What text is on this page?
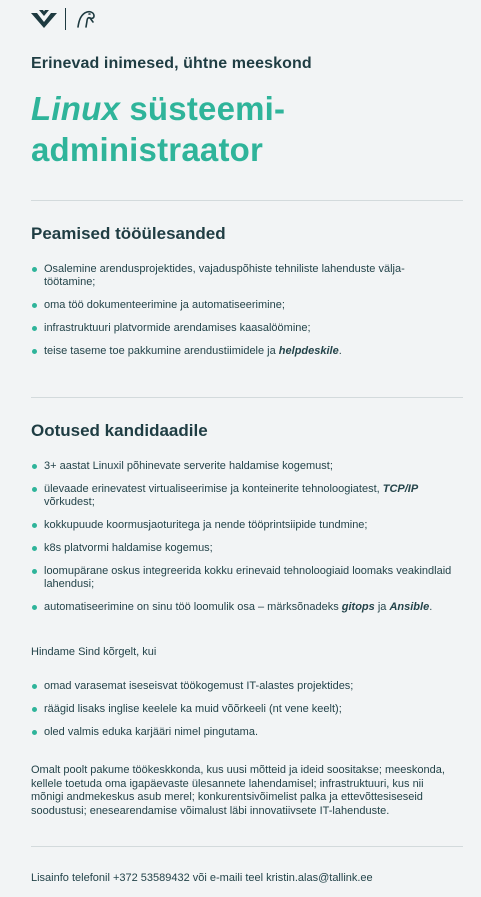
Erinevad inimesed, ühtne meeskond
Linux süsteemi-
administraator
Peamised tööülesanded
Osalemine arendusprojektides, vajaduspõhiste tehniliste lahenduste välja-
töötamine;
oma töö dokumenteerimine ja automatiseerimine;
infrastruktuuri platvormide arendamises kaasalöömine;
teise taseme toe pakkumine arendustiimidele ja helpdeskile.
Ootused kandidaadile
3+ aastat Linuxil põhinevate serverite haldamise kogemust;
ülevaade erinevatest virtualiseerimise ja konteinerite tehnoloogiatest, TCP/IP
võrkudest;
kokkupuude koormusjaoturitega ja nende tööprintsiipide tundmine;
k8s platvormi haldamise kogemus;
loomupärane oskus integreerida kokku erinevaid tehnoloogiaid loomaks veakindlaid
lahendusi;
automatiseerimine on sinu töö loomulik osa – märksõnadeks gitops ja Ansible.

Hindame Sind kõrgelt, kui

omad varasemat iseseisvat töökogemust IT-alastes projektides;
räägid lisaks inglise keelele ka muid võõrkeeli (nt vene keelt);
oled valmis eduka karjääri nimel pingutama.

Omalt poolt pakume töökeskkonda, kus uusi mõtteid ja ideid soositakse; meeskonda,
kellele toetuda oma igapäevaste ülesannete lahendamisel; infrastruktuuri, kus nii
mõnigi andmekeskus asub merel; konkurentsivõimelist palka ja ettevõttesiseseid
soodustusi; enesearendamise võimalust läbi innovatiivsete IT-lahenduste.

Lisainfo telefonil +372 53589432 või e-maili teel kristin.alas@tallink.ee
